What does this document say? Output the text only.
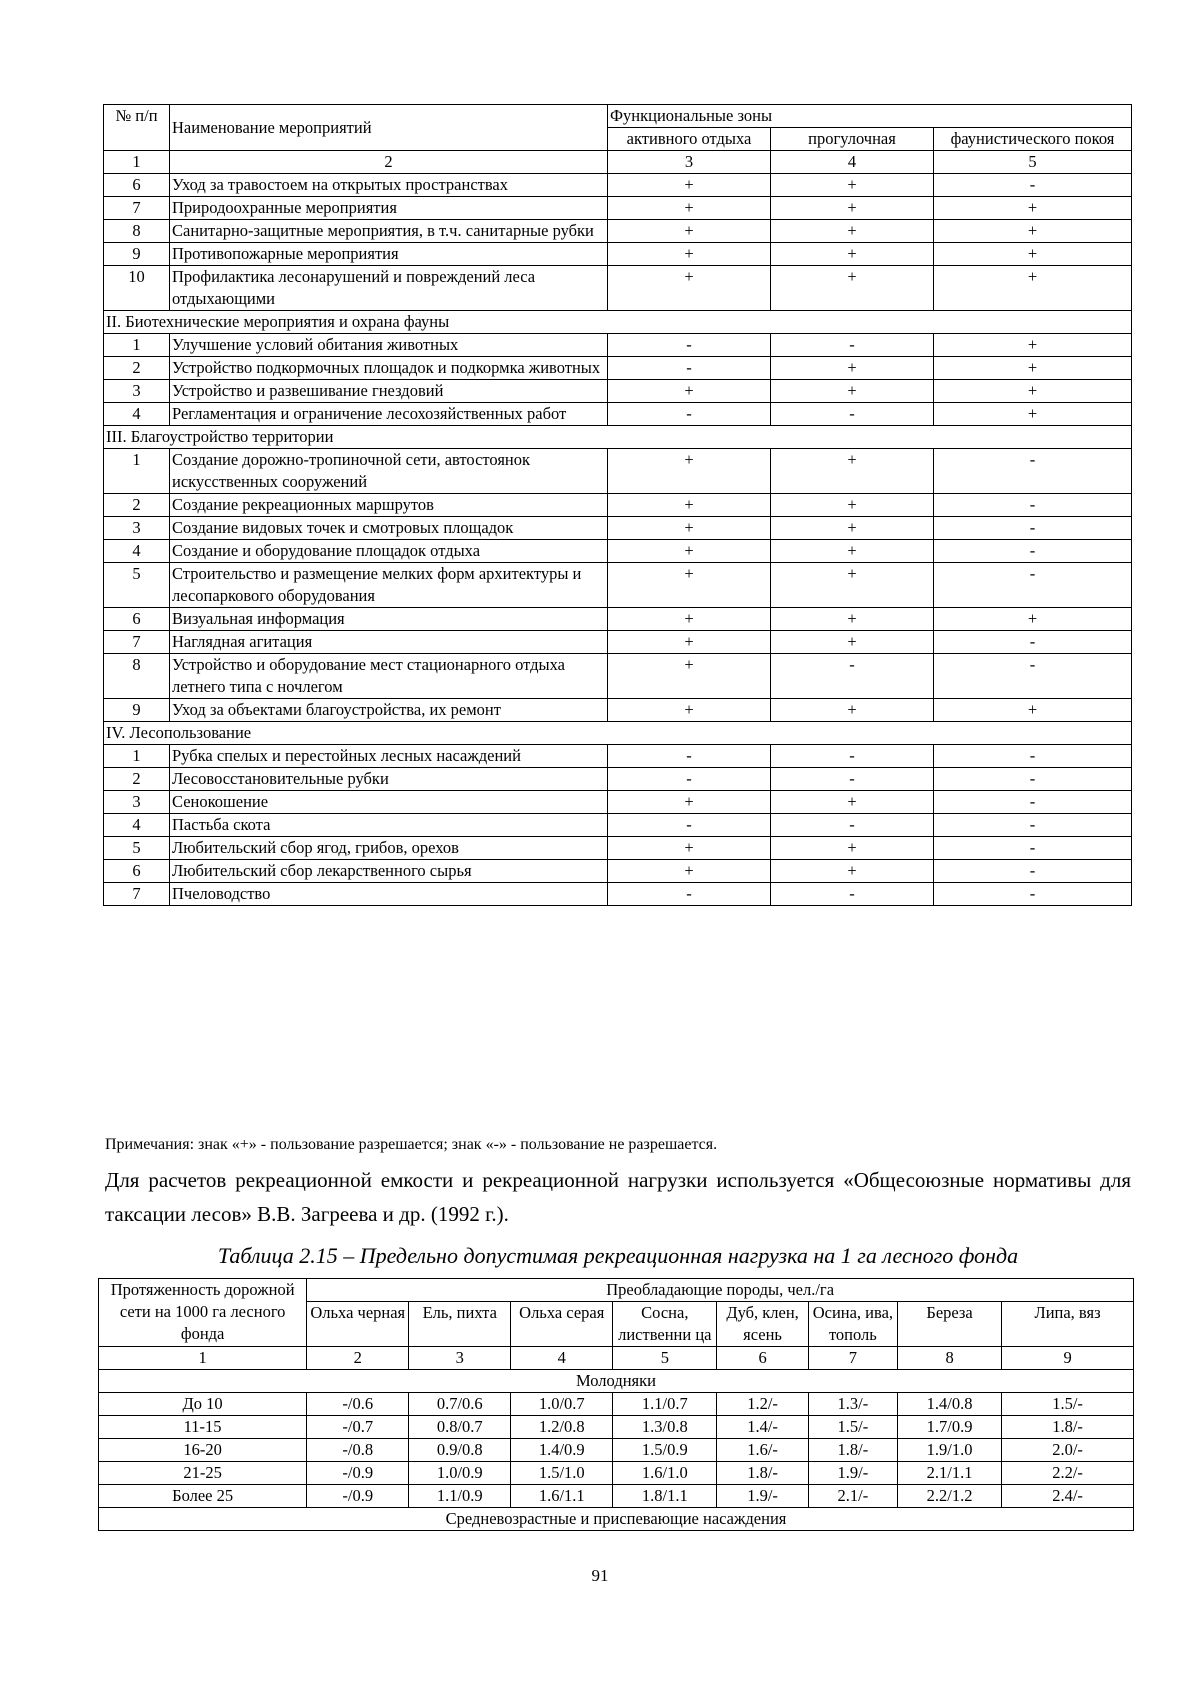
№ п/п	Наименование мероприятий	Функциональные зоны		
		активного отдыха	прогулочная	фаунистического покоя
1	2	3	4	5
6	Уход за травостоем на открытых пространствах	+	+	-
7	Природоохранные мероприятия	+	+	+
8	Санитарно-защитные мероприятия, в т.ч. санитарные рубки	+	+	+
9	Противопожарные мероприятия	+	+	+
10	Профилактика лесонарушений и повреждений леса отдыхающими	+	+	+
II. Биотехнические мероприятия и охрана фауны				
1	Улучшение условий обитания животных	-	-	+
2	Устройство подкормочных площадок и подкормка животных	-	+	+
3	Устройство и развешивание гнездовий	+	+	+
4	Регламентация и ограничение лесохозяйственных работ	-	-	+
III. Благоустройство территории				
1	Создание дорожно-тропиночной сети, автостоянок искусственных сооружений	+	+	-
2	Создание рекреационных маршрутов	+	+	-
3	Создание видовых точек и смотровых площадок	+	+	-
4	Создание и оборудование площадок отдыха	+	+	-
5	Строительство и размещение мелких форм архитектуры и лесопаркового оборудования	+	+	-
6	Визуальная информация	+	+	+
7	Наглядная агитация	+	+	-
8	Устройство и оборудование мест стационарного отдыха летнего типа с ночлегом	+	-	-
9	Уход за объектами благоустройства, их ремонт	+	+	+
IV. Лесопользование				
1	Рубка спелых и перестойных лесных насаждений	-	-	-
2	Лесовосстановительные рубки	-	-	-
3	Сенокошение	+	+	-
4	Пастьба скота	-	-	-
5	Любительский сбор ягод, грибов, орехов	+	+	-
6	Любительский сбор лекарственного сырья	+	+	-
7	Пчеловодство	-	-	-
Примечания: знак «+» - пользование разрешается; знак «-» - пользование не разрешается.
Для расчетов рекреационной емкости и рекреационной нагрузки используется «Общесоюзные нормативы для таксации лесов» В.В. Загреева и др. (1992 г.).
Таблица 2.15 – Предельно допустимая рекреационная нагрузка на 1 га лесного фонда
Протяженность дорожной сети на 1000 га лесного фонда	Преобладающие породы, чел./га							
	Ольха черная	Ель, пихта	Ольха серая	Сосна, лиственни ца	Дуб, клен, ясень	Осина, ива, тополь	Береза	Липа, вяз
1	2	3	4	5	6	7	8	9
Молодняки								
До 10	-/0.6	0.7/0.6	1.0/0.7	1.1/0.7	1.2/-	1.3/-	1.4/0.8	1.5/-
11-15	-/0.7	0.8/0.7	1.2/0.8	1.3/0.8	1.4/-	1.5/-	1.7/0.9	1.8/-
16-20	-/0.8	0.9/0.8	1.4/0.9	1.5/0.9	1.6/-	1.8/-	1.9/1.0	2.0/-
21-25	-/0.9	1.0/0.9	1.5/1.0	1.6/1.0	1.8/-	1.9/-	2.1/1.1	2.2/-
Более 25	-/0.9	1.1/0.9	1.6/1.1	1.8/1.1	1.9/-	2.1/-	2.2/1.2	2.4/-
Средневозрастные и приспевающие насаждения								
91
